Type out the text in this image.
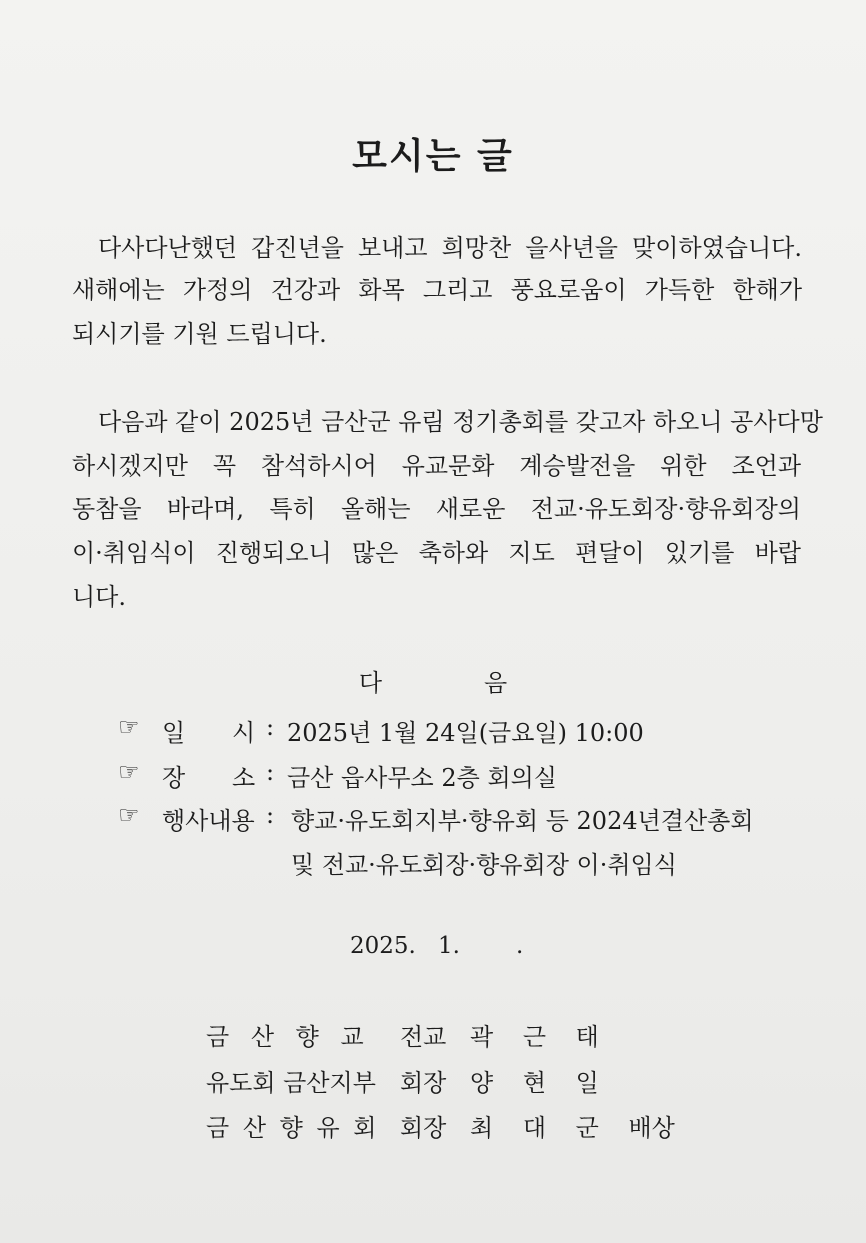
모시는 글
다사다난했던 갑진년을 보내고 희망찬 을사년을 맞이하였습니다.
새해에는 가정의 건강과 화목 그리고 풍요로움이 가득한 한해가
되시기를 기원 드립니다.
다음과 같이 2025년 금산군 유림 정기총회를 갖고자 하오니 공사다망
하시겠지만 꼭 참석하시어 유교문화 계승발전을 위한 조언과
동참을 바라며, 특히 올해는 새로운 전교·유도회장·향유회장의
이·취임식이 진행되오니 많은 축하와 지도 편달이 있기를 바랍
니다.
다	음
☞ 일 시 : 2025년 1월 24일(금요일) 10:00
☞ 장 소 : 금산 읍사무소 2층 회의실
☞ 행사내용 : 향교·유도회지부·향유회 등 2024년결산총회
및 전교·유도회장·향유회장 이·취임식
2025. 1. .
금 산 향 교 전교 곽 근 태
유도회 금산지부 회장 양 현 일
금 산 향 유 회 회장 최 대 군 배상
